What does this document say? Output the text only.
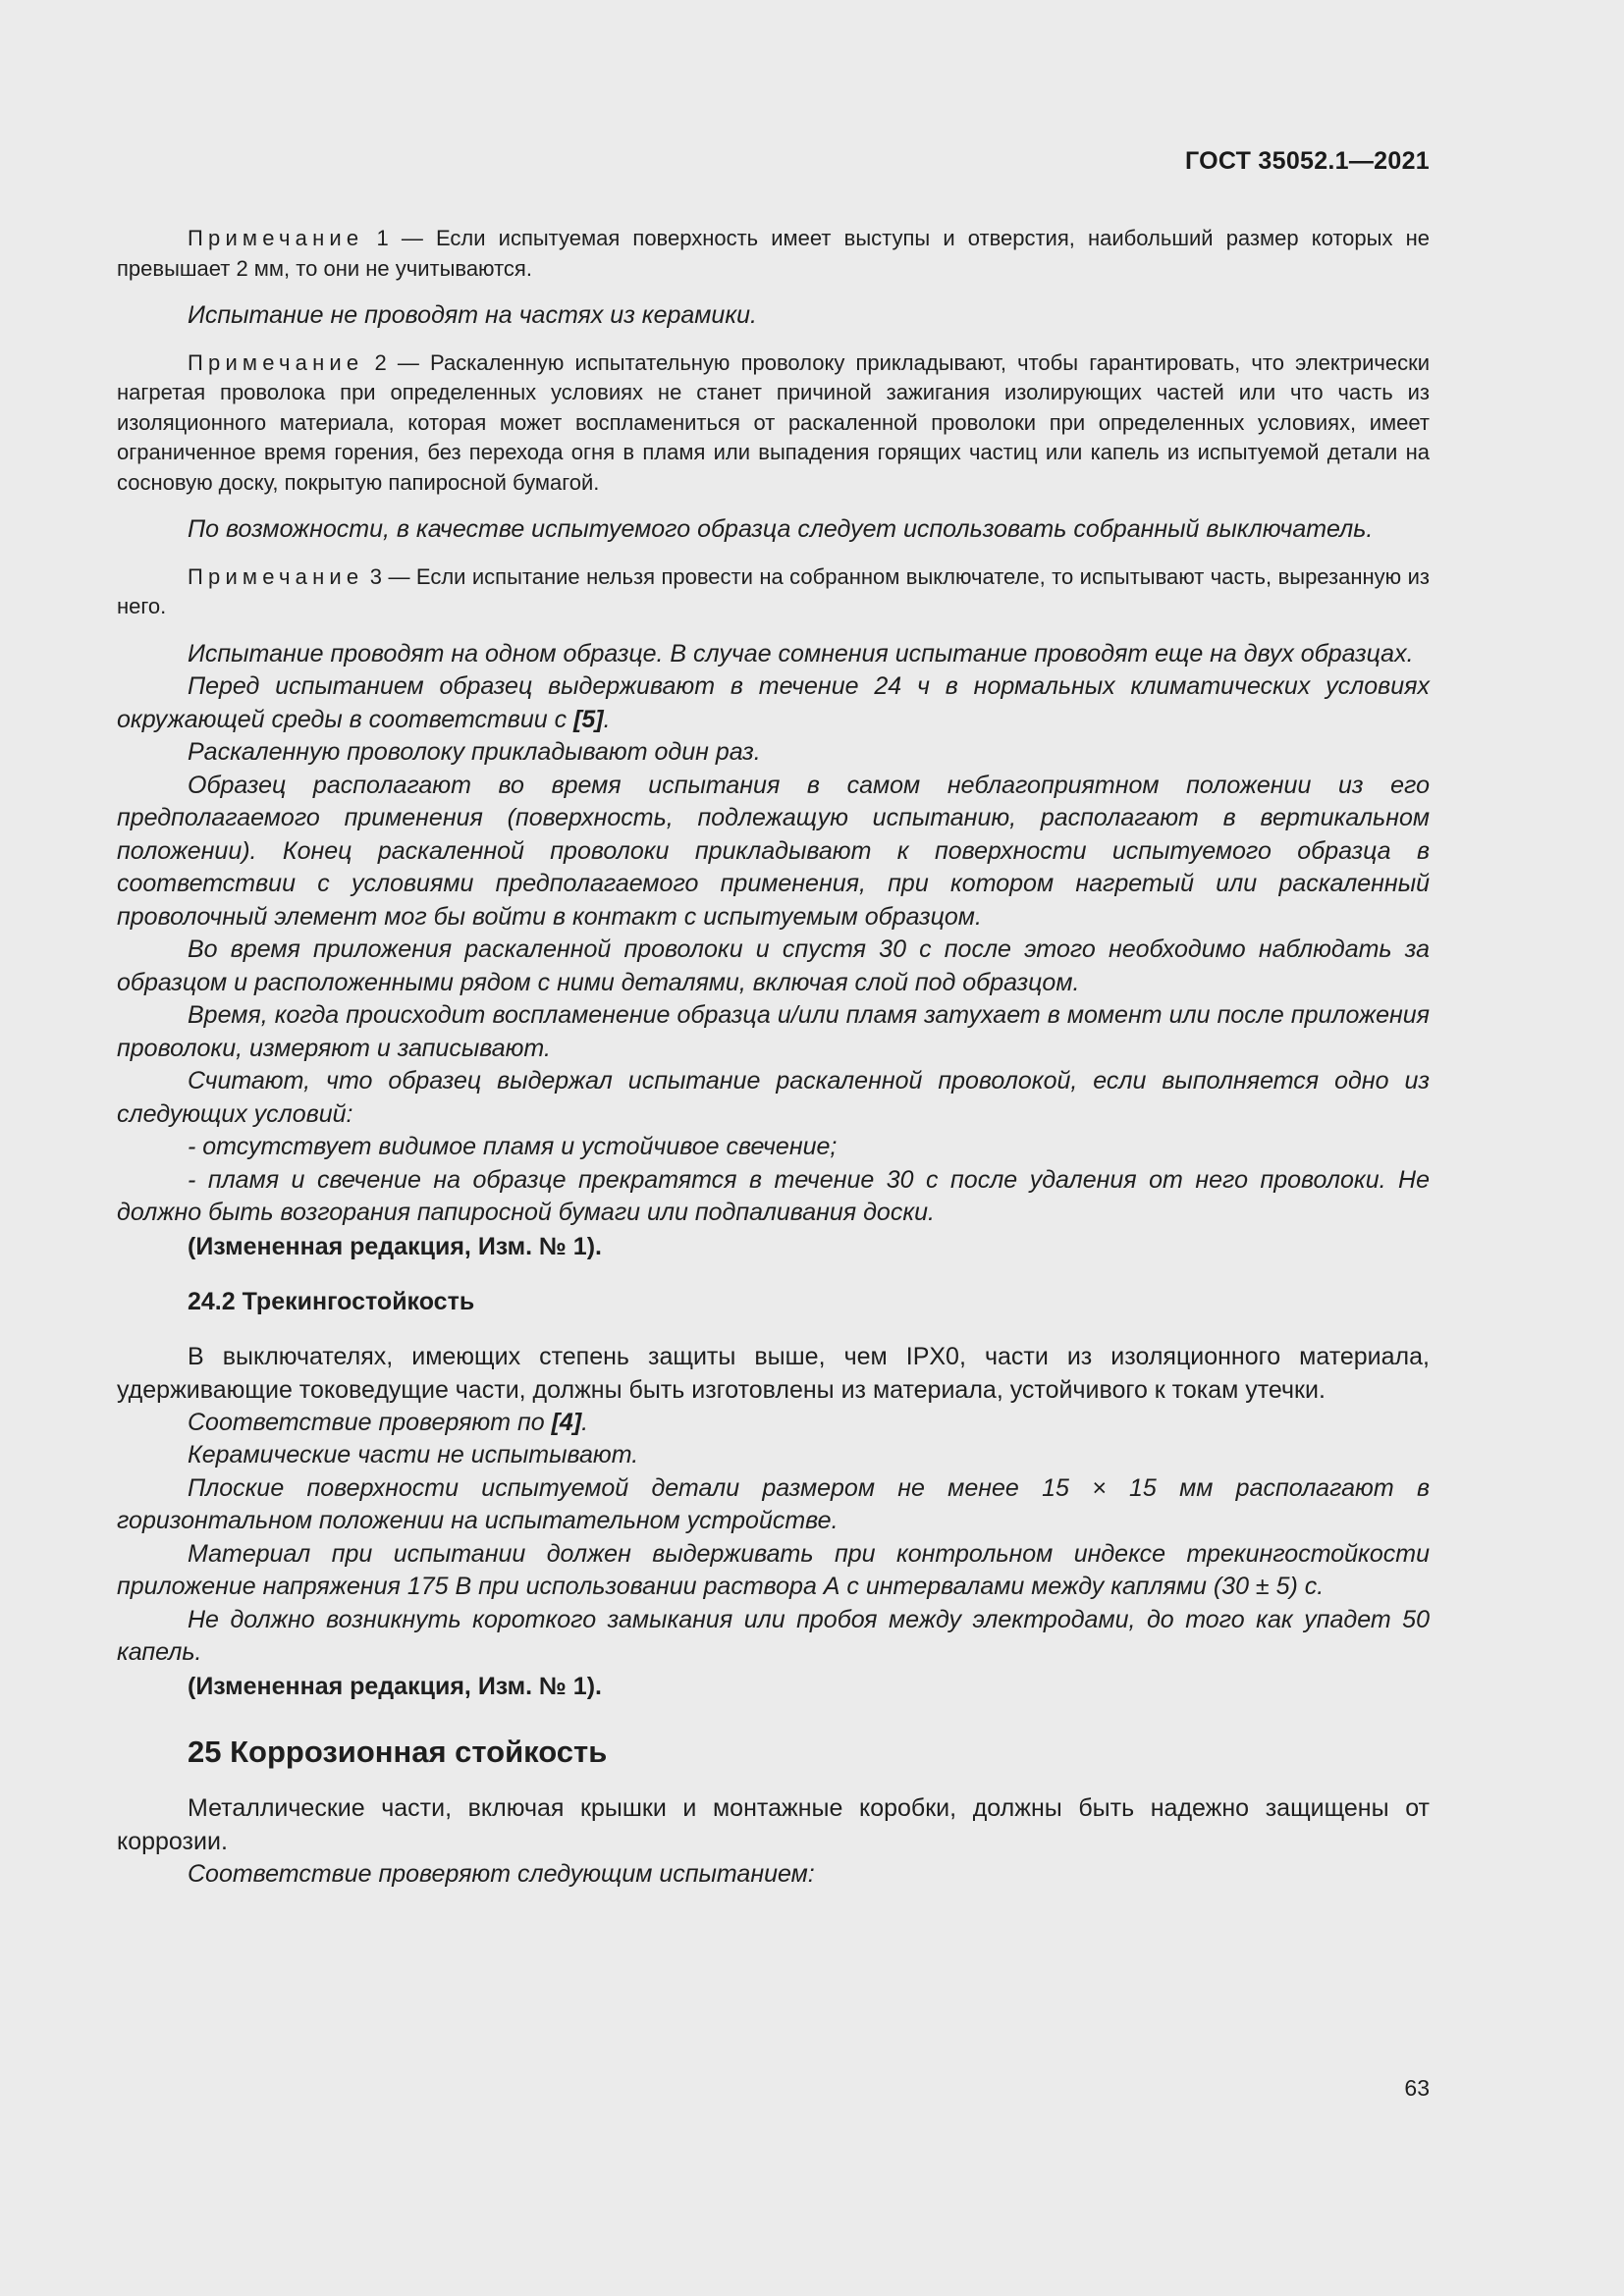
ГОСТ 35052.1—2021

Примечание 1 — Если испытуемая поверхность имеет выступы и отверстия, наибольший размер которых не превышает 2 мм, то они не учитываются.

Испытание не проводят на частях из керамики.

Примечание 2 — Раскаленную испытательную проволоку прикладывают, чтобы гарантировать, что электрически нагретая проволока при определенных условиях не станет причиной зажигания изолирующих частей или что часть из изоляционного материала, которая может воспламениться от раскаленной проволоки при определенных условиях, имеет ограниченное время горения, без перехода огня в пламя или выпадения горящих частиц или капель из испытуемой детали на сосновую доску, покрытую папиросной бумагой.

По возможности, в качестве испытуемого образца следует использовать собранный выключатель.

Примечание 3 — Если испытание нельзя провести на собранном выключателе, то испытывают часть, вырезанную из него.

Испытание проводят на одном образце. В случае сомнения испытание проводят еще на двух образцах.

Перед испытанием образец выдерживают в течение 24 ч в нормальных климатических условиях окружающей среды в соответствии с [5].

Раскаленную проволоку прикладывают один раз.

Образец располагают во время испытания в самом неблагоприятном положении из его предполагаемого применения (поверхность, подлежащую испытанию, располагают в вертикальном положении). Конец раскаленной проволоки прикладывают к поверхности испытуемого образца в соответствии с условиями предполагаемого применения, при котором нагретый или раскаленный проволочный элемент мог бы войти в контакт с испытуемым образцом.

Во время приложения раскаленной проволоки и спустя 30 с после этого необходимо наблюдать за образцом и расположенными рядом с ними деталями, включая слой под образцом.

Время, когда происходит воспламенение образца и/или пламя затухает в момент или после приложения проволоки, измеряют и записывают.

Считают, что образец выдержал испытание раскаленной проволокой, если выполняется одно из следующих условий:

- отсутствует видимое пламя и устойчивое свечение;

- пламя и свечение на образце прекратятся в течение 30 с после удаления от него проволоки. Не должно быть возгорания папиросной бумаги или подпаливания доски.

(Измененная редакция, Изм. № 1).

24.2 Трекингостойкость

В выключателях, имеющих степень защиты выше, чем IPX0, части из изоляционного материала, удерживающие токоведущие части, должны быть изготовлены из материала, устойчивого к токам утечки.

Соответствие проверяют по [4].

Керамические части не испытывают.

Плоские поверхности испытуемой детали размером не менее 15 × 15 мм располагают в горизонтальном положении на испытательном устройстве.

Материал при испытании должен выдерживать при контрольном индексе трекингостойкости приложение напряжения 175 В при использовании раствора А с интервалами между каплями (30 ± 5) с.

Не должно возникнуть короткого замыкания или пробоя между электродами, до того как упадет 50 капель.

(Измененная редакция, Изм. № 1).

25 Коррозионная стойкость

Металлические части, включая крышки и монтажные коробки, должны быть надежно защищены от коррозии.

Соответствие проверяют следующим испытанием:

63
